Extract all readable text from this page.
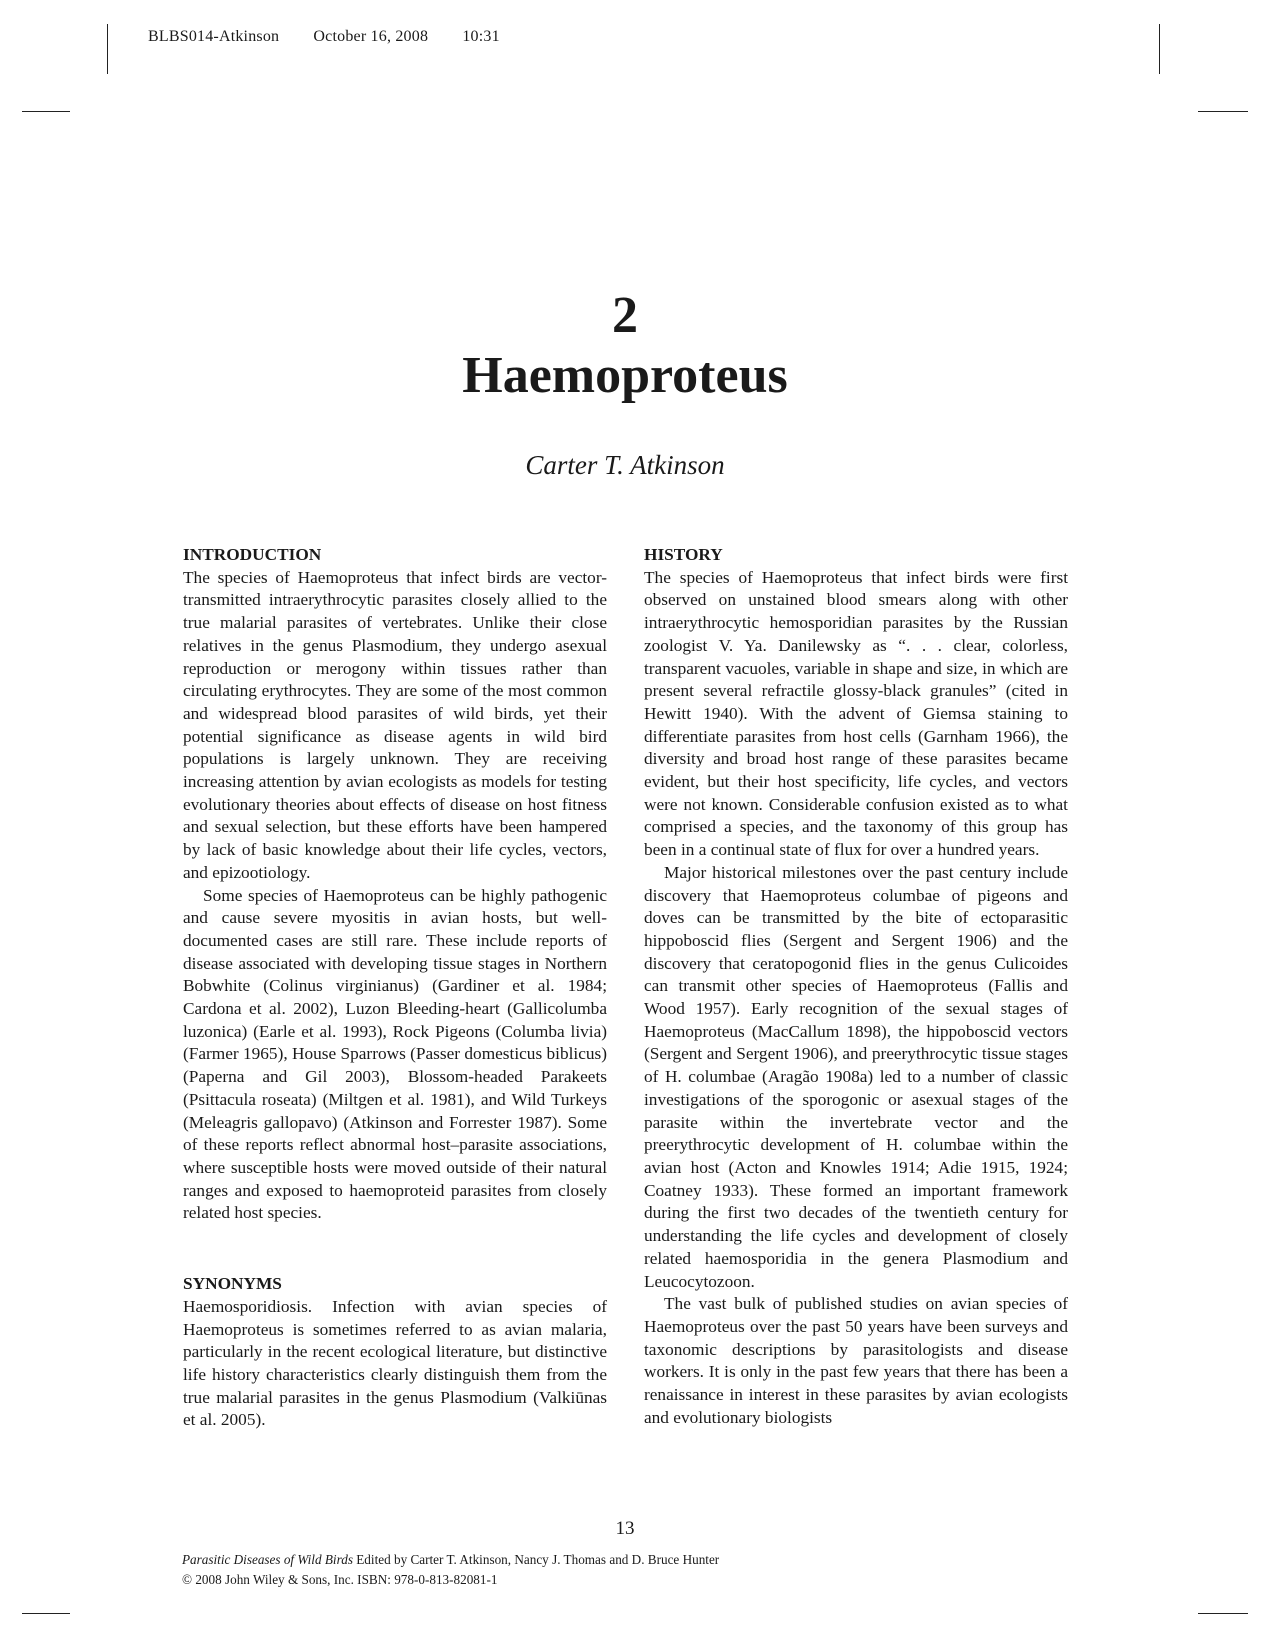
BLBS014-Atkinson October 16, 2008 10:31
2
Haemoproteus
Carter T. Atkinson
INTRODUCTION

The species of Haemoproteus that infect birds are vector-transmitted intraerythrocytic parasites closely allied to the true malarial parasites of vertebrates. Unlike their close relatives in the genus Plasmodium, they undergo asexual reproduction or merogony within tissues rather than circulating erythrocytes. They are some of the most common and widespread blood parasites of wild birds, yet their potential significance as disease agents in wild bird populations is largely unknown. They are receiving increasing attention by avian ecologists as models for testing evolutionary theories about effects of disease on host fitness and sexual selection, but these efforts have been hampered by lack of basic knowledge about their life cycles, vectors, and epizootiology.

Some species of Haemoproteus can be highly pathogenic and cause severe myositis in avian hosts, but well-documented cases are still rare. These include reports of disease associated with developing tissue stages in Northern Bobwhite (Colinus virginianus) (Gardiner et al. 1984; Cardona et al. 2002), Luzon Bleeding-heart (Gallicolumba luzonica) (Earle et al. 1993), Rock Pigeons (Columba livia) (Farmer 1965), House Sparrows (Passer domesticus biblicus) (Paperna and Gil 2003), Blossom-headed Parakeets (Psittacula roseata) (Miltgen et al. 1981), and Wild Turkeys (Meleagris gallopavo) (Atkinson and Forrester 1987). Some of these reports reflect abnormal host–parasite associations, where susceptible hosts were moved outside of their natural ranges and exposed to haemoproteid parasites from closely related host species.

SYNONYMS

Haemosporidiosis. Infection with avian species of Haemoproteus is sometimes referred to as avian malaria, particularly in the recent ecological literature, but distinctive life history characteristics clearly distinguish them from the true malarial parasites in the genus Plasmodium (Valkiūnas et al. 2005).

HISTORY

The species of Haemoproteus that infect birds were first observed on unstained blood smears along with other intraerythrocytic hemosporidian parasites by the Russian zoologist V. Ya. Danilewsky as “. . . clear, colorless, transparent vacuoles, variable in shape and size, in which are present several refractile glossy-black granules” (cited in Hewitt 1940). With the advent of Giemsa staining to differentiate parasites from host cells (Garnham 1966), the diversity and broad host range of these parasites became evident, but their host specificity, life cycles, and vectors were not known. Considerable confusion existed as to what comprised a species, and the taxonomy of this group has been in a continual state of flux for over a hundred years.

Major historical milestones over the past century include discovery that Haemoproteus columbae of pigeons and doves can be transmitted by the bite of ectoparasitic hippoboscid flies (Sergent and Sergent 1906) and the discovery that ceratopogonid flies in the genus Culicoides can transmit other species of Haemoproteus (Fallis and Wood 1957). Early recognition of the sexual stages of Haemoproteus (MacCallum 1898), the hippoboscid vectors (Sergent and Sergent 1906), and preerythrocytic tissue stages of H. columbae (Aragão 1908a) led to a number of classic investigations of the sporogonic or asexual stages of the parasite within the invertebrate vector and the preerythrocytic development of H. columbae within the avian host (Acton and Knowles 1914; Adie 1915, 1924; Coatney 1933). These formed an important framework during the first two decades of the twentieth century for understanding the life cycles and development of closely related haemosporidia in the genera Plasmodium and Leucocytozoon.

The vast bulk of published studies on avian species of Haemoproteus over the past 50 years have been surveys and taxonomic descriptions by parasitologists and disease workers. It is only in the past few years that there has been a renaissance in interest in these parasites by avian ecologists and evolutionary biologists

13
Parasitic Diseases of Wild Birds Edited by Carter T. Atkinson, Nancy J. Thomas and D. Bruce Hunter
© 2008 John Wiley & Sons, Inc. ISBN: 978-0-813-82081-1
